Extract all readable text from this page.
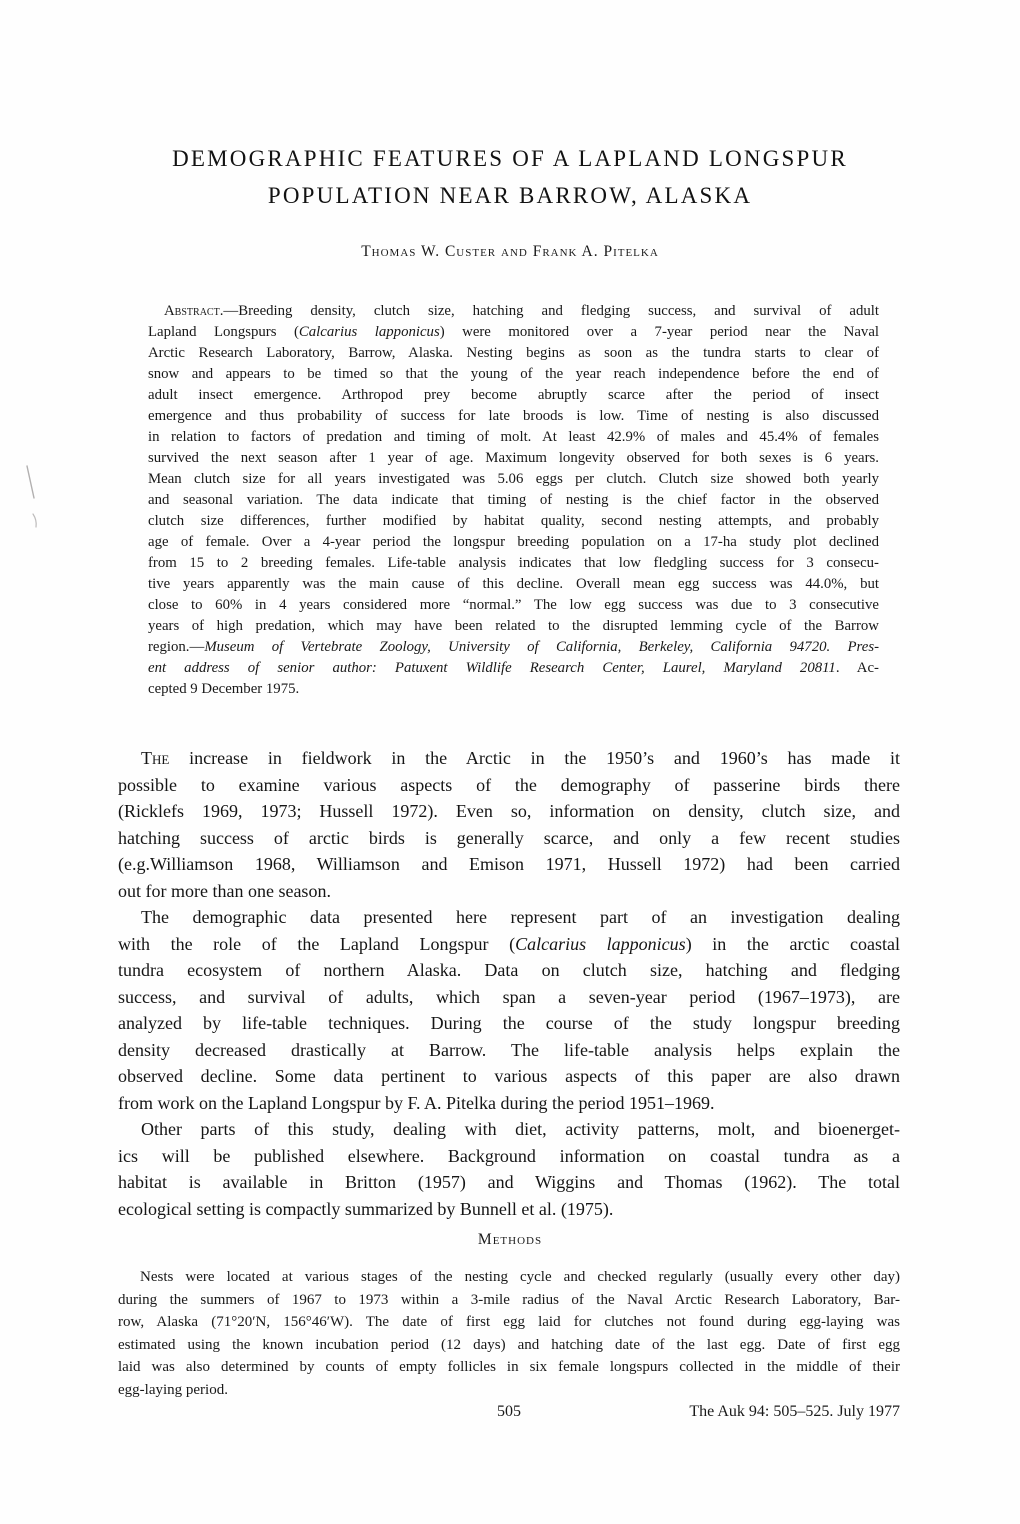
DEMOGRAPHIC FEATURES OF A LAPLAND LONGSPUR
POPULATION NEAR BARROW, ALASKA
Thomas W. Custer and Frank A. Pitelka
Abstract.—Breeding density, clutch size, hatching and fledging success, and survival of adult
Lapland Longspurs (Calcarius lapponicus) were monitored over a 7-year period near the Naval
Arctic Research Laboratory, Barrow, Alaska. Nesting begins as soon as the tundra starts to clear of
snow and appears to be timed so that the young of the year reach independence before the end of
adult insect emergence. Arthropod prey become abruptly scarce after the period of insect
emergence and thus probability of success for late broods is low. Time of nesting is also discussed
in relation to factors of predation and timing of molt. At least 42.9% of males and 45.4% of females
survived the next season after 1 year of age. Maximum longevity observed for both sexes is 6 years.
Mean clutch size for all years investigated was 5.06 eggs per clutch. Clutch size showed both yearly
and seasonal variation. The data indicate that timing of nesting is the chief factor in the observed
clutch size differences, further modified by habitat quality, second nesting attempts, and probably
age of female. Over a 4-year period the longspur breeding population on a 17-ha study plot declined
from 15 to 2 breeding females. Life-table analysis indicates that low fledgling success for 3 consecu-
tive years apparently was the main cause of this decline. Overall mean egg success was 44.0%, but
close to 60% in 4 years considered more “normal.” The low egg success was due to 3 consecutive
years of high predation, which may have been related to the disrupted lemming cycle of the Barrow
region.—Museum of Vertebrate Zoology, University of California, Berkeley, California 94720. Pres-
ent address of senior author: Patuxent Wildlife Research Center, Laurel, Maryland 20811. Ac-
cepted 9 December 1975.
The increase in fieldwork in the Arctic in the 1950’s and 1960’s has made it
possible to examine various aspects of the demography of passerine birds there
(Ricklefs 1969, 1973; Hussell 1972). Even so, information on density, clutch size, and
hatching success of arctic birds is generally scarce, and only a few recent studies
(e.g.Williamson 1968, Williamson and Emison 1971, Hussell 1972) had been carried
out for more than one season.
The demographic data presented here represent part of an investigation dealing
with the role of the Lapland Longspur (Calcarius lapponicus) in the arctic coastal
tundra ecosystem of northern Alaska. Data on clutch size, hatching and fledging
success, and survival of adults, which span a seven-year period (1967–1973), are
analyzed by life-table techniques. During the course of the study longspur breeding
density decreased drastically at Barrow. The life-table analysis helps explain the
observed decline. Some data pertinent to various aspects of this paper are also drawn
from work on the Lapland Longspur by F. A. Pitelka during the period 1951–1969.
Other parts of this study, dealing with diet, activity patterns, molt, and bioenerget-
ics will be published elsewhere. Background information on coastal tundra as a
habitat is available in Britton (1957) and Wiggins and Thomas (1962). The total
ecological setting is compactly summarized by Bunnell et al. (1975).
Methods
Nests were located at various stages of the nesting cycle and checked regularly (usually every other day)
during the summers of 1967 to 1973 within a 3-mile radius of the Naval Arctic Research Laboratory, Bar-
row, Alaska (71°20′N, 156°46′W). The date of first egg laid for clutches not found during egg-laying was
estimated using the known incubation period (12 days) and hatching date of the last egg. Date of first egg
laid was also determined by counts of empty follicles in six female longspurs collected in the middle of their
egg-laying period.
505	The Auk 94: 505–525. July 1977
